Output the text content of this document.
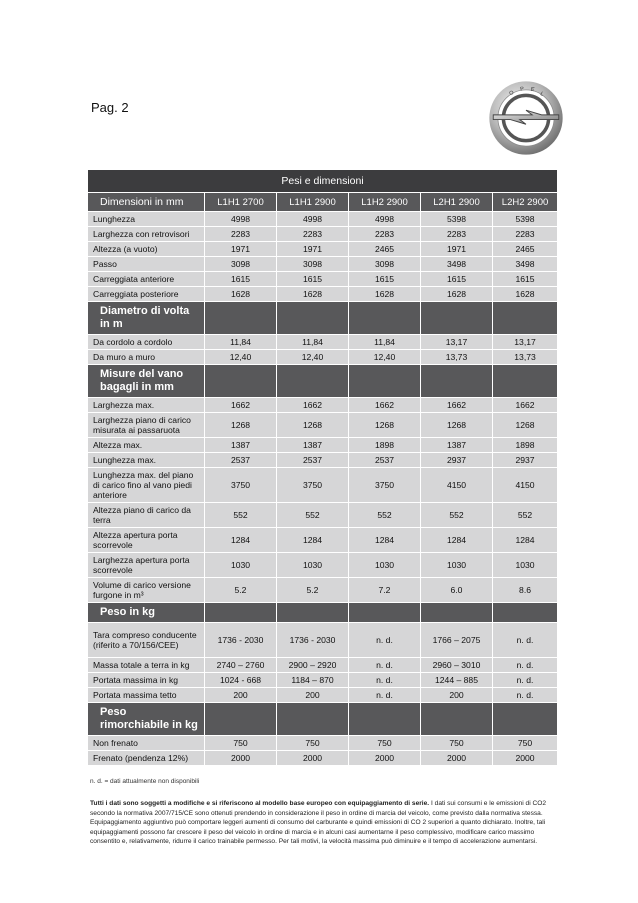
Pag. 2
O
P E
L
Pesi e dimensioni					
Dimensioni in mm	L1H1 2700	L1H1 2900	L1H2 2900	L2H1 2900	L2H2 2900
Lunghezza	4998	4998	4998	5398	5398
Larghezza con retrovisori	2283	2283	2283	2283	2283
Altezza (a vuoto)	1971	1971	2465	1971	2465
Passo	3098	3098	3098	3498	3498
Carreggiata anteriore	1615	1615	1615	1615	1615
Carreggiata posteriore	1628	1628	1628	1628	1628
Diametro di volta in m					
Da cordolo a cordolo	11,84	11,84	11,84	13,17	13,17
Da muro a muro	12,40	12,40	12,40	13,73	13,73
Misure del vano bagagli in mm					
Larghezza max.	1662	1662	1662	1662	1662
Larghezza piano di carico misurata ai passaruota	1268	1268	1268	1268	1268
Altezza max.	1387	1387	1898	1387	1898
Lunghezza max.	2537	2537	2537	2937	2937
Lunghezza max. del piano di carico fino al vano piedi anteriore	3750	3750	3750	4150	4150
Altezza piano di carico da terra	552	552	552	552	552
Altezza apertura porta scorrevole	1284	1284	1284	1284	1284
Larghezza apertura porta scorrevole	1030	1030	1030	1030	1030
Volume di carico versione furgone in m³	5.2	5.2	7.2	6.0	8.6
Peso in kg					
Tara compreso conducente (riferito a 70/156/CEE)	1736 - 2030	1736 - 2030	n. d.	1766 – 2075	n. d.
Massa totale a terra in kg	2740 – 2760	2900 – 2920	n. d.	2960 – 3010	n. d.
Portata massima in kg	1024 - 668	1184 – 870	n. d.	1244 – 885	n. d.
Portata massima tetto	200	200	n. d.	200	n. d.
Peso rimorchiabile in kg					
Non frenato	750	750	750	750	750
Frenato (pendenza 12%)	2000	2000	2000	2000	2000
n. d. = dati attualmente non disponibili

Tutti i dati sono soggetti a modifiche e si riferiscono al modello base europeo con equipaggiamento di serie. I dati sui consumi e le emissioni di CO2 secondo la normativa 2007/715/CE sono ottenuti prendendo in considerazione il peso in ordine di marcia del veicolo, come previsto dalla normativa stessa. Equipaggiamento aggiuntivo può comportare leggeri aumenti di consumo del carburante e quindi emissioni di CO 2 superiori a quanto dichiarato. Inoltre, tali equipaggiamenti possono far crescere il peso del veicolo in ordine di marcia e in alcuni casi aumentarne il peso complessivo, modificare carico massimo consentito e, relativamente, ridurre il carico trainabile permesso. Per tali motivi, la velocità massima può diminuire e il tempo di accelerazione aumentarsi.
